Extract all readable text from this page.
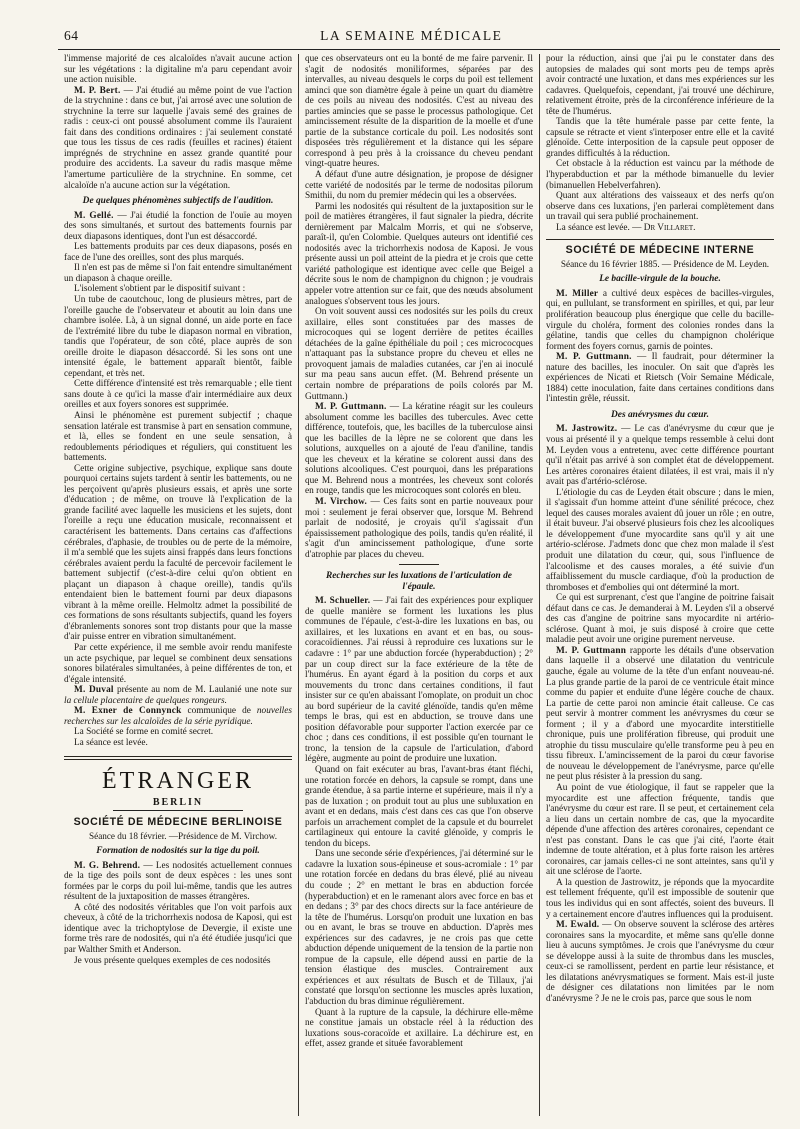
64	LA SEMAINE MÉDICALE

l'immense majorité de ces alcaloïdes n'avait aucune action sur les végétations : la digitaline m'a paru cependant avoir une action nuisible.

M. P. Bert. — J'ai étudié au même point de vue l'action de la strychnine : dans ce but, j'ai arrosé avec une solution de strychnine la terre sur laquelle j'avais semé des graines de radis : ceux-ci ont poussé absolument comme ils l'auraient fait dans des conditions ordinaires : j'ai seulement constaté que tous les tissus de ces radis (feuilles et racines) étaient imprégnés de strychnine en assez grande quantité pour produire des accidents. La saveur du radis masque même l'amertume particulière de la strychnine. En somme, cet alcaloïde n'a aucune action sur la végétation.

De quelques phénomènes subjectifs de l'audition.

M. Gellé. — J'ai étudié la fonction de l'ouïe au moyen des sons simultanés, et surtout des battements fournis par deux diapasons identiques, dont l'un est désaccordé.

Les battements produits par ces deux diapasons, posés en face de l'une des oreilles, sont des plus marqués.

Il n'en est pas de même si l'on fait entendre simultanément un diapason à chaque oreille.

L'isolement s'obtient par le dispositif suivant :

Un tube de caoutchouc, long de plusieurs mètres, part de l'oreille gauche de l'observateur et aboutit au loin dans une chambre isolée. Là, à un signal donné, un aide porte en face de l'extrémité libre du tube le diapason normal en vibration, tandis que l'opérateur, de son côté, place auprès de son oreille droite le diapason désaccordé. Si les sons ont une intensité égale, le battement apparaît bientôt, faible cependant, et très net.

Cette différence d'intensité est très remarquable ; elle tient sans doute à ce qu'ici la masse d'air intermédiaire aux deux oreilles et aux foyers sonores est supprimée.

Ainsi le phénomène est purement subjectif ; chaque sensation latérale est transmise à part en sensation commune, et là, elles se fondent en une seule sensation, à redoublements périodiques et réguliers, qui constituent les battements.

Cette origine subjective, psychique, explique sans doute pourquoi certains sujets tardent à sentir les battements, ou ne les perçoivent qu'après plusieurs essais, et après une sorte d'éducation ; de même, on trouve là l'explication de la grande facilité avec laquelle les musiciens et les sujets, dont l'oreille a reçu une éducation musicale, reconnaissent et caractérisent les battements. Dans certains cas d'affections cérébrales, d'aphasie, de troubles ou de perte de la mémoire, il m'a semblé que les sujets ainsi frappés dans leurs fonctions cérébrales avaient perdu la faculté de percevoir facilement le battement subjectif (c'est-à-dire celui qu'on obtient en plaçant un diapason à chaque oreille), tandis qu'ils entendaient bien le battement fourni par deux diapasons vibrant à la même oreille. Helmoltz admet la possibilité de ces formations de sons résultants subjectifs, quand les foyers d'ébranlements sonores sont trop distants pour que la masse d'air puisse entrer en vibration simultanément.

Par cette expérience, il me semble avoir rendu manifeste un acte psychique, par lequel se combinent deux sensations sonores bilatérales simultanées, à peine différentes de ton, et d'égale intensité.

M. Duval présente au nom de M. Laulanié une note sur la cellule placentaire de quelques rongeurs.

M. Exner de Connynck communique de nouvelles recherches sur les alcaloïdes de la série pyridique.

La Société se forme en comité secret.

La séance est levée.

ÉTRANGER
BERLIN
SOCIÉTÉ DE MÉDECINE BERLINOISE

Séance du 18 février. —Présidence de M. Virchow.

Formation de nodosités sur la tige du poil.

M. G. Behrend. — Les nodosités actuellement connues de la tige des poils sont de deux espèces : les unes sont formées par le corps du poil lui-même, tandis que les autres résultent de la juxtaposition de masses étrangères.

A côté des nodosités véritables que l'on voit parfois aux cheveux, à côté de la trichorrhexis nodosa de Kaposi, qui est identique avec la trichoptylose de Devergie, il existe une forme très rare de nodosités, qui n'a été étudiée jusqu'ici que par Walther Smith et Anderson.

Je vous présente quelques exemples de ces nodosités

que ces observateurs ont eu la bonté de me faire parvenir. Il s'agit de nodosités moniliformes, séparées par des intervalles, au niveau desquels le corps du poil est tellement aminci que son diamètre égale à peine un quart du diamètre de ces poils au niveau des nodosités. C'est au niveau des parties amincies que se passe le processus pathologique. Cet amincissement résulte de la disparition de la moelle et d'une partie de la substance corticale du poil. Les nodosités sont disposées très régulièrement et la distance qui les sépare correspond à peu près à la croissance du cheveu pendant vingt-quatre heures.

A défaut d'une autre désignation, je propose de désigner cette variété de nodosités par le terme de nodositas pilorum Smithii, du nom du premier médecin qui les a observées.

Parmi les nodosités qui résultent de la juxtaposition sur le poil de matières étrangères, il faut signaler la piedra, décrite dernièrement par Malcalm Morris, et qui ne s'observe, paraît-il, qu'en Colombie. Quelques auteurs ont identifié ces nodosités avec la trichorrhexis nodosa de Kaposi. Je vous présente aussi un poil atteint de la piedra et je crois que cette variété pathologique est identique avec celle que Beigel a décrite sous le nom de champignon du chignon ; je voudrais appeler votre attention sur ce fait, que des nœuds absolument analogues s'observent tous les jours.

On voit souvent aussi ces nodosités sur les poils du creux axillaire, elles sont constituées par des masses de microcoques qui se logent derrière de petites écailles détachées de la gaîne épithéliale du poil ; ces micrococques n'attaquant pas la substance propre du cheveu et elles ne provoquent jamais de maladies cutanées, car j'en ai inoculé sur ma peau sans aucun effet. (M. Behrend présente un certain nombre de préparations de poils colorés par M. Guttmann.)

M. P. Guttmann. — La kératine réagit sur les couleurs absolument comme les bacilles des tubercules. Avec cette différence, toutefois, que, les bacilles de la tuberculose ainsi que les bacilles de la lèpre ne se colorent que dans les solutions, auxquelles on a ajouté de l'eau d'aniline, tandis que les cheveux et la kératine se colorent aussi dans des solutions alcooliques. C'est pourquoi, dans les préparations que M. Behrend nous a montrées, les cheveux sont colorés en rouge, tandis que les microcoques sont colorés en bleu.

M. Virchow. — Ces faits sont en partie nouveaux pour moi : seulement je ferai observer que, lorsque M. Behrend parlait de nodosité, je croyais qu'il s'agissait d'un épaississement pathologique des poils, tandis qu'en réalité, il s'agit d'un amincissement pathologique, d'une sorte d'atrophie par places du cheveu.

Recherches sur les luxations de l'articulation de l'épaule.

M. Schueller. — J'ai fait des expériences pour expliquer de quelle manière se forment les luxations les plus communes de l'épaule, c'est-à-dire les luxations en bas, ou axillaires, et les luxations en avant et en bas, ou sous-coracoïdiennes. J'ai réussi à reproduire ces luxations sur le cadavre : 1° par une abduction forcée (hyperabduction) ; 2° par un coup direct sur la face extérieure de la tête de l'humérus. En ayant égard à la position du corps et aux mouvements du tronc dans certaines conditions, il faut insister sur ce qu'en abaissant l'omoplate, on produit un choc au bord supérieur de la cavité glénoïde, tandis qu'en même temps le bras, qui est en abduction, se trouve dans une position défavorable pour supporter l'action exercée par ce choc ; dans ces conditions, il est possible qu'en tournant le tronc, la tension de la capsule de l'articulation, d'abord légère, augmente au point de produire une luxation.

Quand on fait exécuter au bras, l'avant-bras étant fléchi, une rotation forcée en dehors, la capsule se rompt, dans une grande étendue, à sa partie interne et supérieure, mais il n'y a pas de luxation ; on produit tout au plus une subluxation en avant et en dedans, mais c'est dans ces cas que l'on observe parfois un arrachement complet de la capsule et du bourrelet cartilagineux qui entoure la cavité glénoïde, y compris le tendon du biceps.

Dans une seconde série d'expériences, j'ai déterminé sur le cadavre la luxation sous-épineuse et sous-acromiale : 1° par une rotation forcée en dedans du bras élevé, plié au niveau du coude ; 2° en mettant le bras en abduction forcée (hyperabduction) et en le ramenant alors avec force en bas et en dedans ; 3° par des chocs directs sur la face antérieure de la tête de l'humérus. Lorsqu'on produit une luxation en bas ou en avant, le bras se trouve en abduction. D'après mes expériences sur des cadavres, je ne crois pas que cette abduction dépende uniquement de la tension de la partie non rompue de la capsule, elle dépend aussi en partie de la tension élastique des muscles. Contrairement aux expériences et aux résultats de Busch et de Tillaux, j'ai constaté que lorsqu'on sectionne les muscles après luxation, l'abduction du bras diminue régulièrement.

Quant à la rupture de la capsule, la déchirure elle-même ne constitue jamais un obstacle réel à la réduction des luxations sous-coracoïde et axillaire. La déchirure est, en effet, assez grande et située favorablement

pour la réduction, ainsi que j'ai pu le constater dans des autopsies de malades qui sont morts peu de temps après avoir contracté une luxation, et dans mes expériences sur les cadavres. Quelquefois, cependant, j'ai trouvé une déchirure, relativement étroite, près de la circonférence inférieure de la tête de l'humérus.

Tandis que la tête humérale passe par cette fente, la capsule se rétracte et vient s'interposer entre elle et la cavité glénoïde. Cette interposition de la capsule peut opposer de grandes difficultés à la réduction.

Cet obstacle à la réduction est vaincu par la méthode de l'hyperabduction et par la méthode bimanuelle du levier (bimanuellen Hebelverfahren).

Quant aux altérations des vaisseaux et des nerfs qu'on observe dans ces luxations, j'en parlerai complètement dans un travail qui sera publié prochainement.

La séance est levée. — Dr Villaret.

SOCIÉTÉ DE MÉDECINE INTERNE

Séance du 16 février 1885. — Présidence de M. Leyden.

Le bacille-virgule de la bouche.

M. Miller a cultivé deux espèces de bacilles-virgules, qui, en pullulant, se transforment en spirilles, et qui, par leur prolifération beaucoup plus énergique que celle du bacille-virgule du choléra, forment des colonies rondes dans la gélatine, tandis que celles du champignon cholérique forment des foyers cornus, garnis de pointes.

M. P. Guttmann. — Il faudrait, pour déterminer la nature des bacilles, les inoculer. On sait que d'après les expériences de Nicati et Rietsch (Voir Semaine Médicale, 1884) cette inoculation, faite dans certaines conditions dans l'intestin grêle, réussit.

Des anévrysmes du cœur.

M. Jastrowitz. — Le cas d'anévrysme du cœur que je vous ai présenté il y a quelque temps ressemble à celui dont M. Leyden vous a entretenu, avec cette différence pourtant qu'il n'était pas arrivé à son complet état de développement. Les artères coronaires étaient dilatées, il est vrai, mais il n'y avait pas d'artério-sclérose.

L'étiologie du cas de Leyden était obscure ; dans le mien, il s'agissait d'un homme atteint d'une sénilité précoce, chez lequel des causes morales avaient dû jouer un rôle ; en outre, il était buveur. J'ai observé plusieurs fois chez les alcooliques le développement d'une myocardite sans qu'il y ait une artério-sclérose. J'admets donc que chez mon malade il s'est produit une dilatation du cœur, qui, sous l'influence de l'alcoolisme et des causes morales, a été suivie d'un affaiblissement du muscle cardiaque, d'où la production de thromboses et d'embolies qui ont déterminé la mort.

Ce qui est surprenant, c'est que l'angine de poitrine faisait défaut dans ce cas. Je demanderai à M. Leyden s'il a observé des cas d'angine de poitrine sans myocardite ni artério-sclérose. Quant à moi, je suis disposé à croire que cette maladie peut avoir une origine purement nerveuse.

M. P. Guttmann rapporte les détails d'une observation dans laquelle il a observé une dilatation du ventricule gauche, égale au volume de la tête d'un enfant nouveau-né. La plus grande partie de la paroi de ce ventricule était mince comme du papier et enduite d'une légère couche de chaux. La partie de cette paroi non amincie était calleuse. Ce cas peut servir à montrer comment les anévrysmes du cœur se forment ; il y a d'abord une myocardite interstitielle chronique, puis une prolifération fibreuse, qui produit une atrophie du tissu musculaire qu'elle transforme peu à peu en tissu fibreux. L'amincissement de la paroi du cœur favorise de nouveau le développement de l'anévrysme, parce qu'elle ne peut plus résister à la pression du sang.

Au point de vue étiologique, il faut se rappeler que la myocardite est une affection fréquente, tandis que l'anévrysme du cœur est rare. Il se peut, et certainement cela a lieu dans un certain nombre de cas, que la myocardite dépende d'une affection des artères coronaires, cependant ce n'est pas constant. Dans le cas que j'ai cité, l'aorte était indemne de toute altération, et à plus forte raison les artères coronaires, car jamais celles-ci ne sont atteintes, sans qu'il y ait une sclérose de l'aorte.

A la question de Jastrowitz, je réponds que la myocardite est tellement fréquente, qu'il est impossible de soutenir que tous les individus qui en sont affectés, soient des buveurs. Il y a certainement encore d'autres influences qui la produisent.

M. Ewald. — On observe souvent la sclérose des artères coronaires sans la myocardite, et même sans qu'elle donne lieu à aucuns symptômes. Je crois que l'anévrysme du cœur se développe aussi à la suite de thrombus dans les muscles, ceux-ci se ramollissent, perdent en partie leur résistance, et les dilatations anévrysmatiques se forment. Mais est-il juste de désigner ces dilatations non limitées par le nom d'anévrysme ? Je ne le crois pas, parce que sous le nom
